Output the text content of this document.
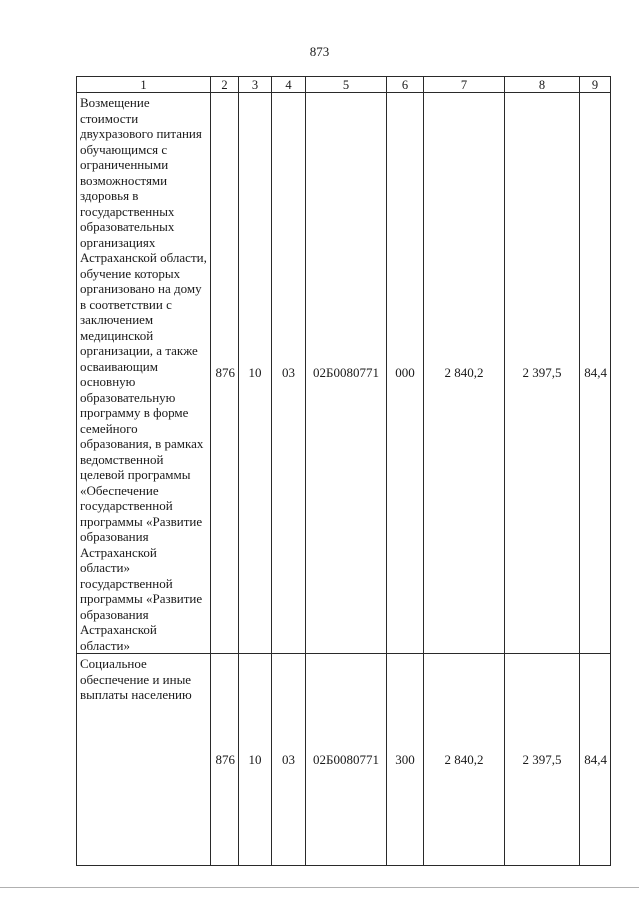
873
1	2	3	4	5	6	7	8	9
Возмещение стоимости двухразового питания обучающимся с ограниченными возможностями здоровья в государственных образовательных организациях Астраханской области, обучение которых организовано на дому в соответствии с заключением медицинской организации, а также осваивающим основную образовательную программу в форме семейного образования, в рамках ведомственной целевой программы «Обеспечение государственной программы «Развитие образования Астраханской области» государственной программы «Развитие образования Астраханской области»	876	10	03	02Б0080771	000	2 840,2	2 397,5	84,4
Социальное обеспечение и иные выплаты населению	876	10	03	02Б0080771	300	2 840,2	2 397,5	84,4
